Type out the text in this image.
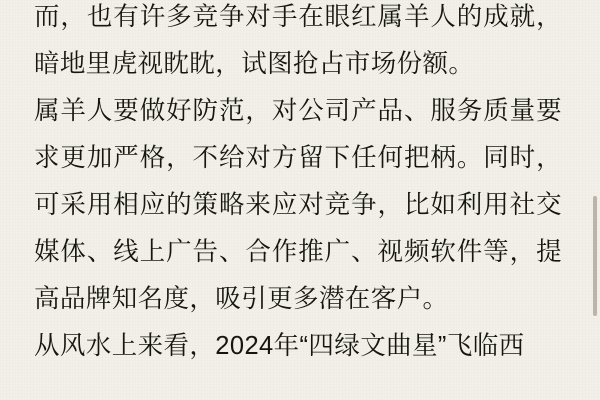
而，也有许多竞争对手在眼红属羊人的成就，暗地里虎视眈眈，试图抢占市场份额。

属羊人要做好防范，对公司产品、服务质量要求更加严格，不给对方留下任何把柄。同时，可采用相应的策略来应对竞争，比如利用社交媒体、线上广告、合作推广、视频软件等，提高品牌知名度，吸引更多潜在客户。

从风水上来看，2024年“四绿文曲星”飞临西
